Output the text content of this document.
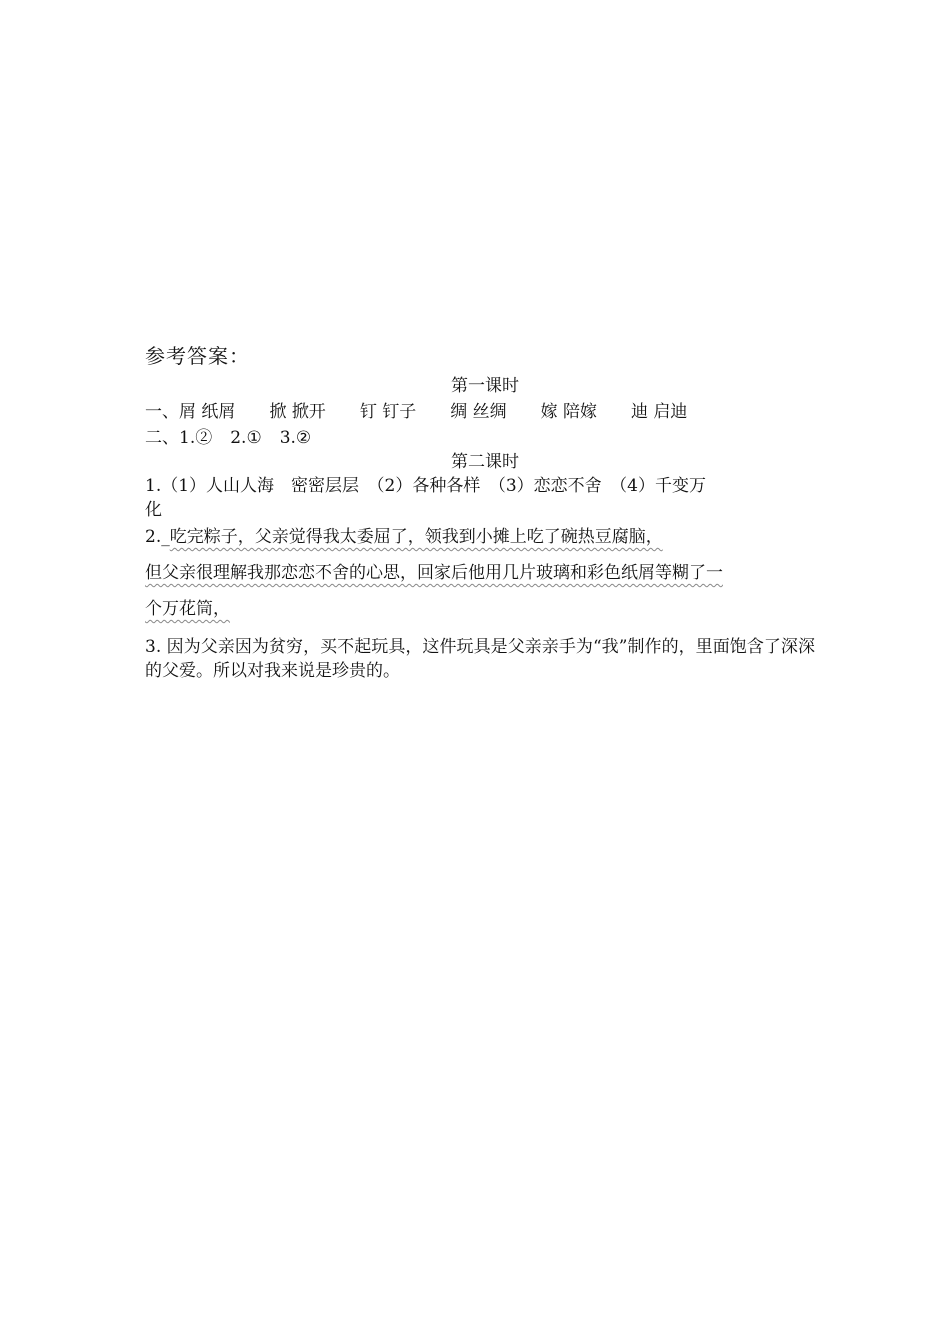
参考答案：
第一课时
一、屑 纸屑 掀 掀开 钉 钉子 绸 丝绸 嫁 陪嫁 迪 启迪
二、1.② 2.① 3.②
第二课时
1.（1）人山人海　密密层层　（2）各种各样　（3）恋恋不舍　（4）千变万
化
2._吃完粽子，父亲觉得我太委屈了，领我到小摊上吃了碗热豆腐脑，
但父亲很理解我那恋恋不舍的心思，回家后他用几片玻璃和彩色纸屑等糊了一
个万花筒，
3. 因为父亲因为贫穷，买不起玩具，这件玩具是父亲亲手为“我”制作的，里面饱含了深深的父爱。所以对我来说是珍贵的。
